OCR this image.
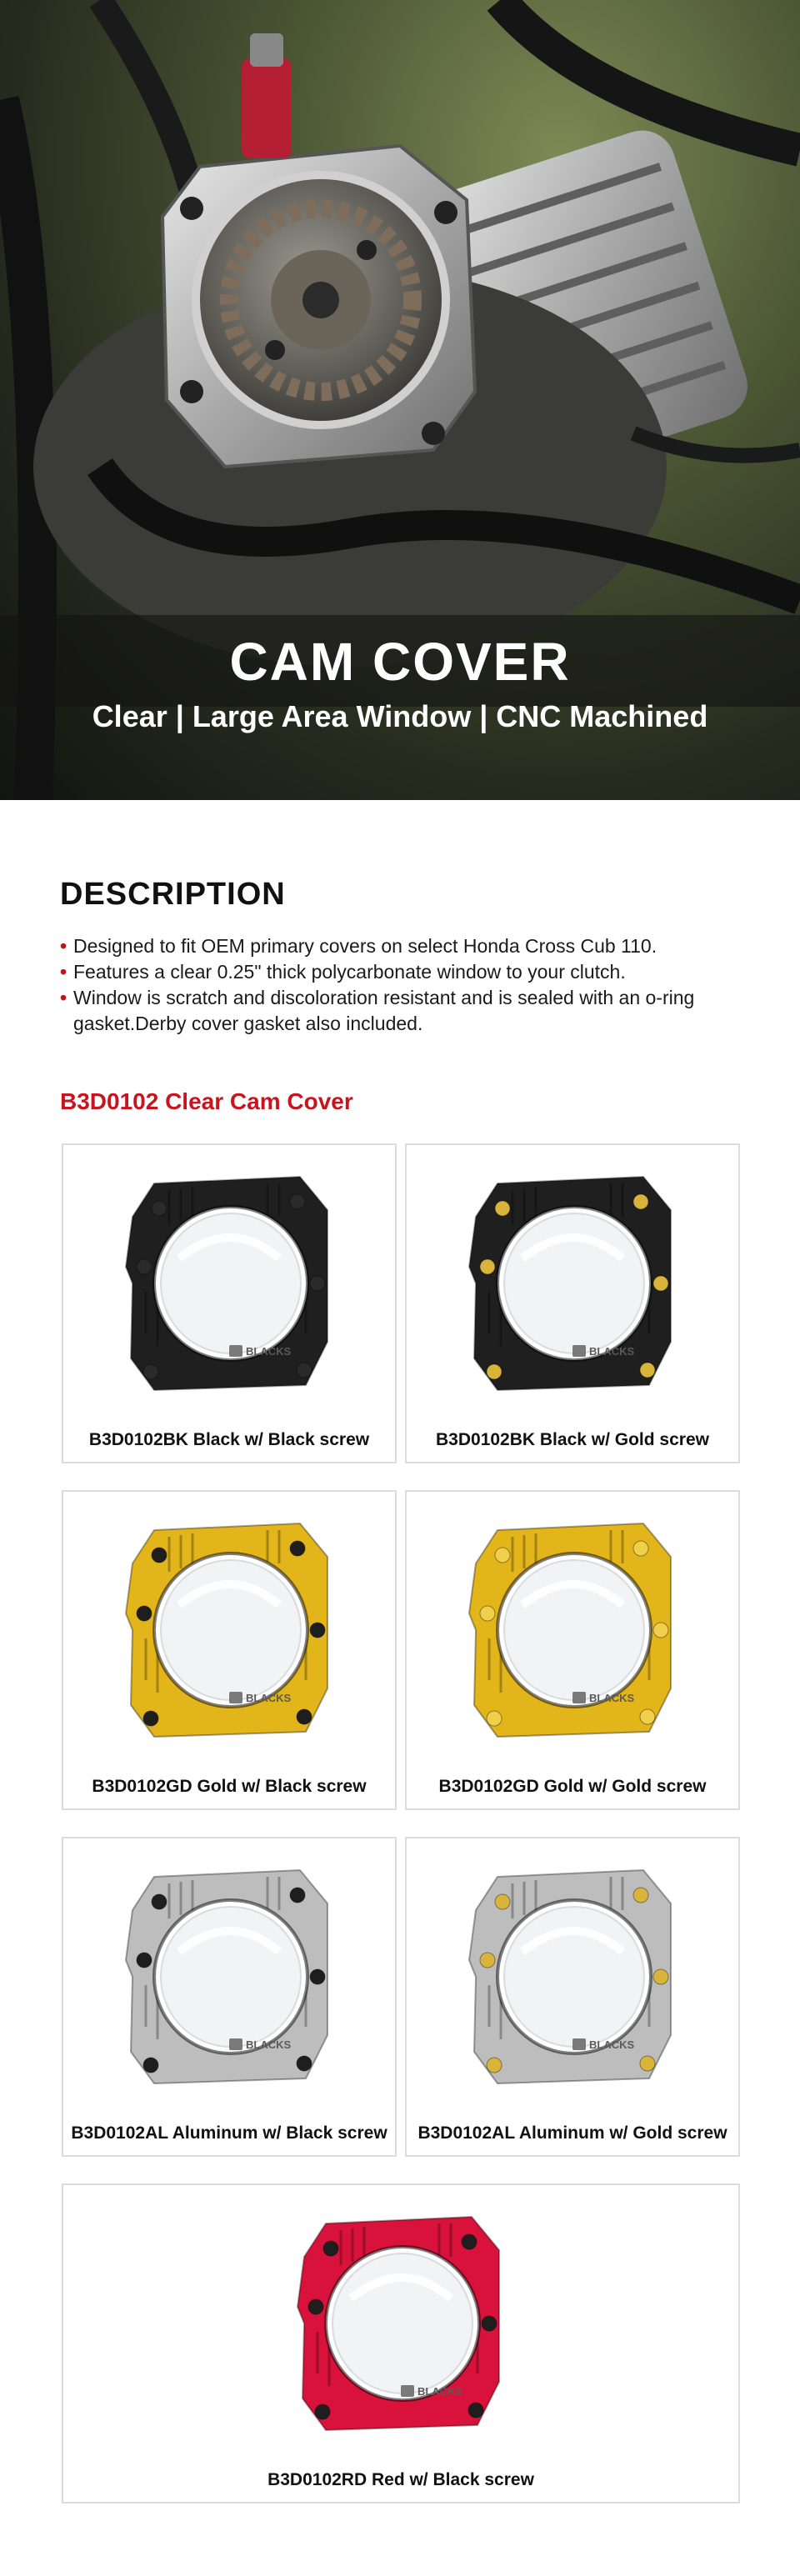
CAM COVER
Clear | Large Area Window | CNC Machined
DESCRIPTION
• Designed to fit OEM primary covers on select Honda Cross Cub 110.
• Features a clear 0.25" thick polycarbonate window to your clutch.
• Window is scratch and discoloration resistant and is sealed with an o-ring gasket.Derby cover gasket also included.
B3D0102 Clear Cam Cover
BLACKS
B3D0102BK Black w/ Black screw
BLACKS
B3D0102BK Black w/ Gold screw
BLACKS
B3D0102GD Gold w/ Black screw
BLACKS
B3D0102GD Gold w/ Gold screw
BLACKS
B3D0102AL Aluminum w/ Black screw
BLACKS
B3D0102AL Aluminum w/ Gold screw
BLACKS
B3D0102RD Red w/ Black screw
